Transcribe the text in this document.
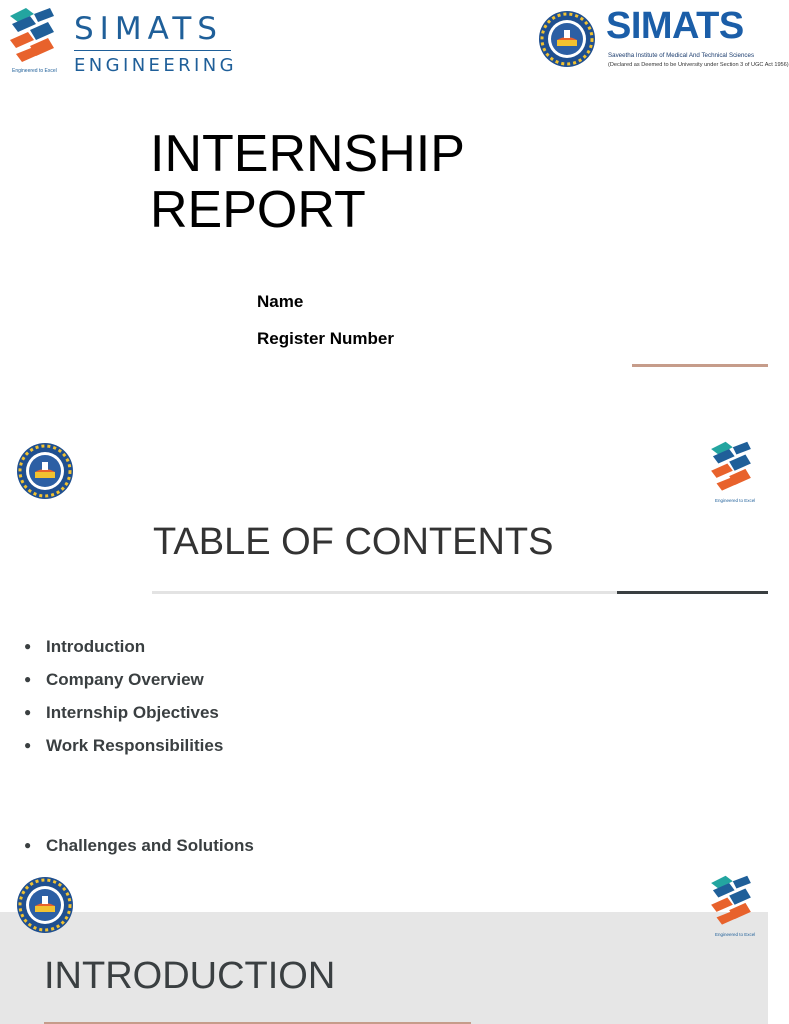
SIMATS
ENGINEERING
Engineered to Excel
SIMATS
Saveetha Institute of Medical And Technical Sciences
(Declared as Deemed to be University under Section 3 of UGC Act 1956)
INTERNSHIP
REPORT
Name
Register Number
Engineered to Excel
TABLE OF CONTENTS
● Introduction
● Company Overview
● Internship Objectives
● Work Responsibilities
● Challenges and Solutions
Engineered to Excel
INTRODUCTION
